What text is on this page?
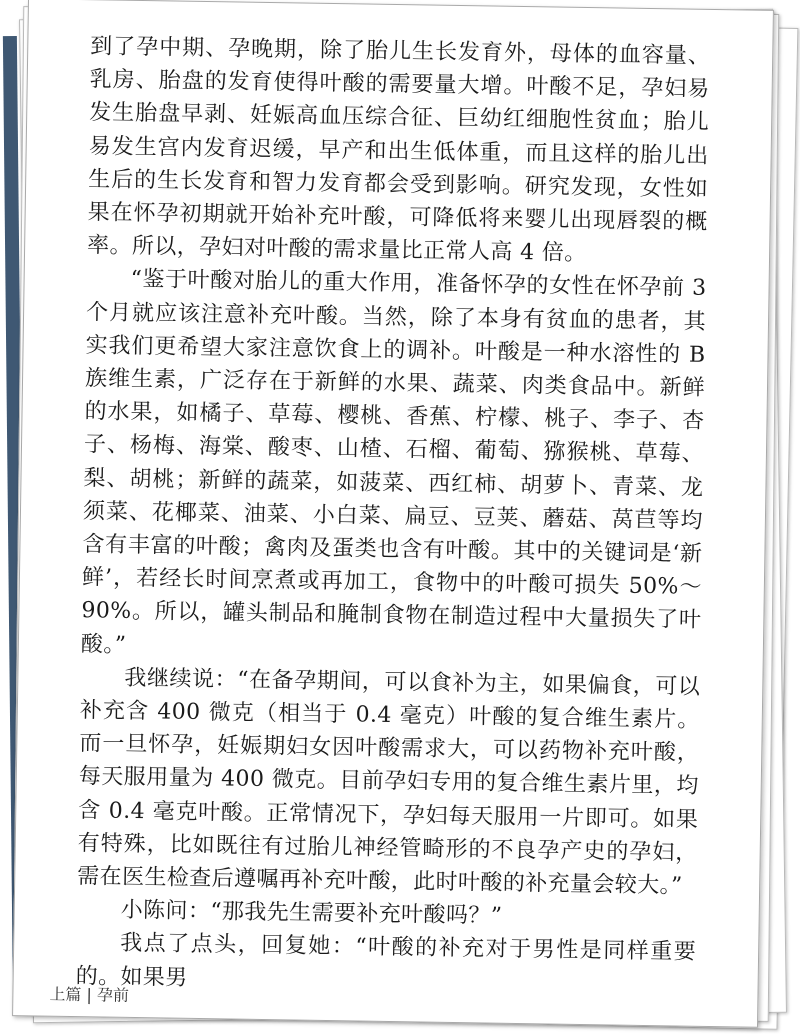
到了孕中期、孕晚期，除了胎儿生长发育外，母体的血容量、乳房、胎盘的发育使得叶酸的需要量大增。叶酸不足，孕妇易发生胎盘早剥、妊娠高血压综合征、巨幼红细胞性贫血；胎儿易发生宫内发育迟缓，早产和出生低体重，而且这样的胎儿出生后的生长发育和智力发育都会受到影响。研究发现，女性如果在怀孕初期就开始补充叶酸，可降低将来婴儿出现唇裂的概率。所以，孕妇对叶酸的需求量比正常人高 4 倍。

“鉴于叶酸对胎儿的重大作用，准备怀孕的女性在怀孕前 3 个月就应该注意补充叶酸。当然，除了本身有贫血的患者，其实我们更希望大家注意饮食上的调补。叶酸是一种水溶性的 B 族维生素，广泛存在于新鲜的水果、蔬菜、肉类食品中。新鲜的水果，如橘子、草莓、樱桃、香蕉、柠檬、桃子、李子、杏子、杨梅、海棠、酸枣、山楂、石榴、葡萄、猕猴桃、草莓、梨、胡桃；新鲜的蔬菜，如菠菜、西红柿、胡萝卜、青菜、龙须菜、花椰菜、油菜、小白菜、扁豆、豆荚、蘑菇、莴苣等均含有丰富的叶酸；禽肉及蛋类也含有叶酸。其中的关键词是‘新鲜’，若经长时间烹煮或再加工，食物中的叶酸可损失 50%～90%。所以，罐头制品和腌制食物在制造过程中大量损失了叶酸。”

我继续说：“在备孕期间，可以食补为主，如果偏食，可以补充含 400 微克（相当于 0.4 毫克）叶酸的复合维生素片。而一旦怀孕，妊娠期妇女因叶酸需求大，可以药物补充叶酸，每天服用量为 400 微克。目前孕妇专用的复合维生素片里，均含 0.4 毫克叶酸。正常情况下，孕妇每天服用一片即可。如果有特殊，比如既往有过胎儿神经管畸形的不良孕产史的孕妇，需在医生检查后遵嘱再补充叶酸，此时叶酸的补充量会较大。”

小陈问：“那我先生需要补充叶酸吗？”

我点了点头，回复她：“叶酸的补充对于男性是同样重要的。如果男

上篇 | 孕前
